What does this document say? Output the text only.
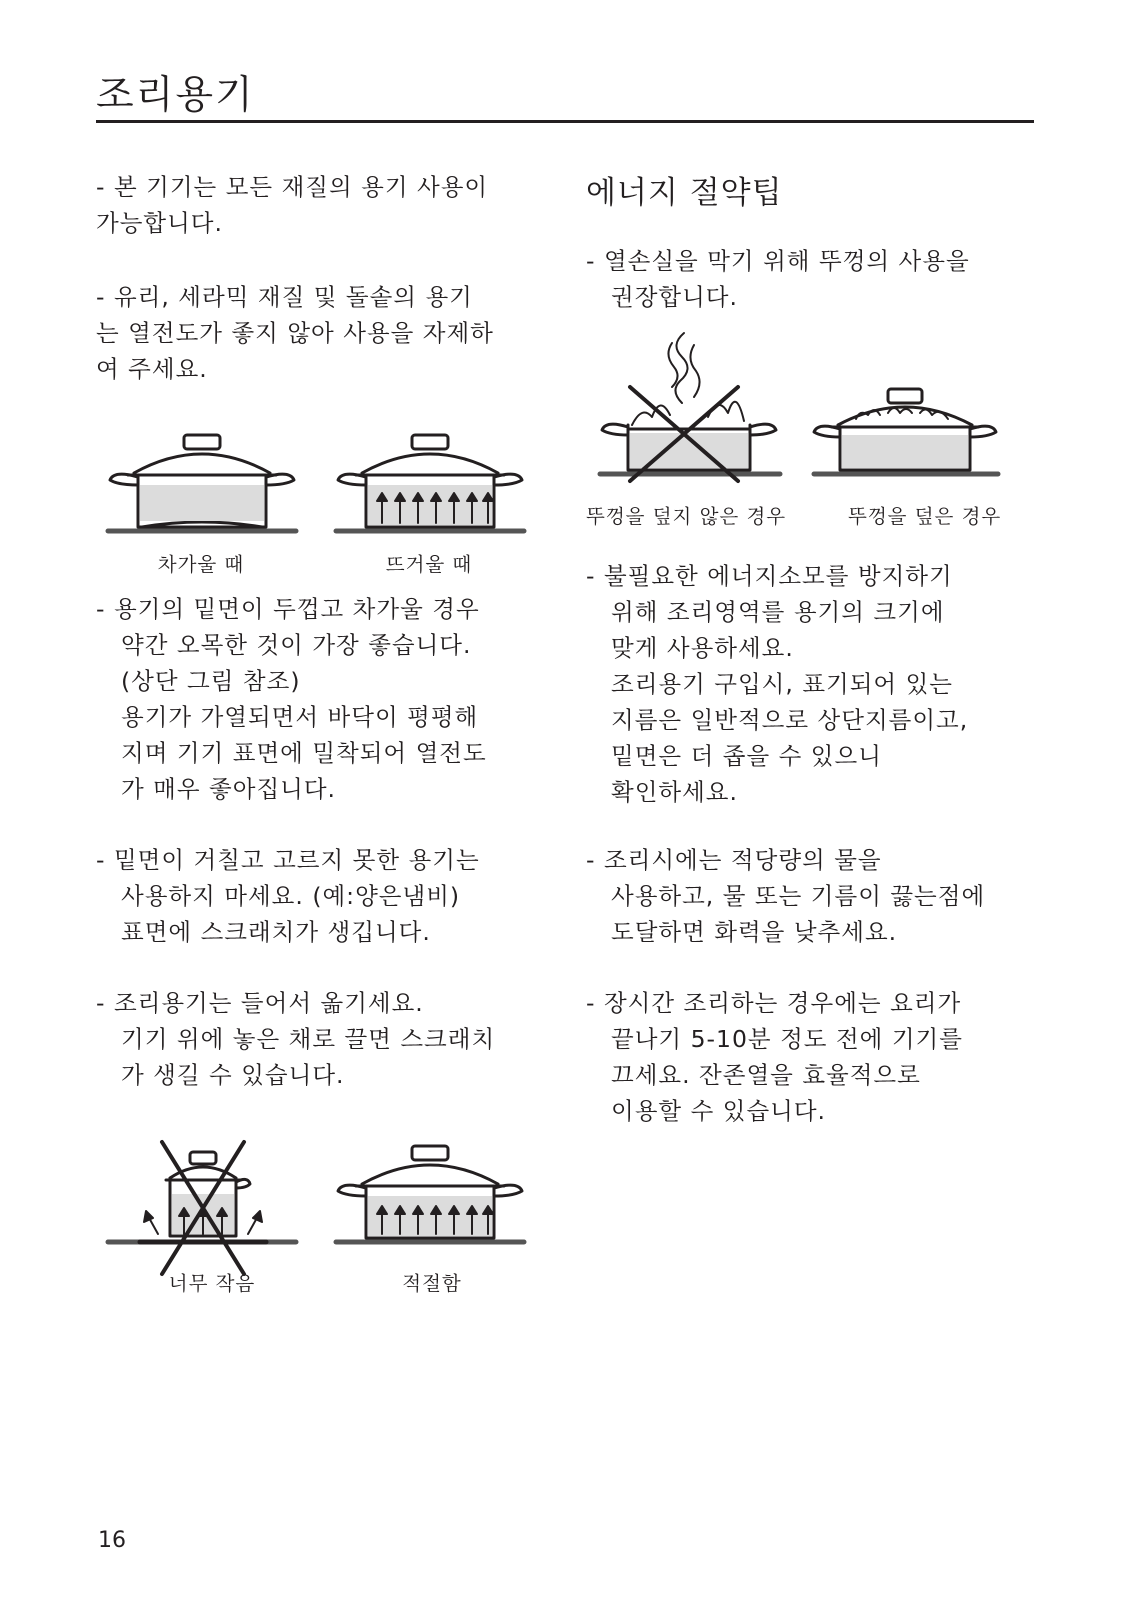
조리용기
- 본 기기는 모든 재질의 용기 사용이
가능합니다.
- 유리, 세라믹 재질 및 돌솥의 용기
는 열전도가 좋지 않아 사용을 자제하
여 주세요.
차가울 때	뜨거울 때
- 용기의 밑면이 두껍고 차가울 경우
약간 오목한 것이 가장 좋습니다.
(상단 그림 참조)
용기가 가열되면서 바닥이 평평해
지며 기기 표면에 밀착되어 열전도
가 매우 좋아집니다.
- 밑면이 거칠고 고르지 못한 용기는
사용하지 마세요. (예:양은냄비)
표면에 스크래치가 생깁니다.
- 조리용기는 들어서 옮기세요.
기기 위에 놓은 채로 끌면 스크래치
가 생길 수 있습니다.
너무 작음	적절함
에너지 절약팁
- 열손실을 막기 위해 뚜껑의 사용을
권장합니다.
뚜껑을 덮지 않은 경우	뚜껑을 덮은 경우
- 불필요한 에너지소모를 방지하기
위해 조리영역를 용기의 크기에
맞게 사용하세요.
조리용기 구입시, 표기되어 있는
지름은 일반적으로 상단지름이고,
밑면은 더 좁을 수 있으니
확인하세요.
- 조리시에는 적당량의 물을
사용하고, 물 또는 기름이 끓는점에
도달하면 화력을 낮추세요.
- 장시간 조리하는 경우에는 요리가
끝나기 5-10분 정도 전에 기기를
끄세요. 잔존열을 효율적으로
이용할 수 있습니다.
16
